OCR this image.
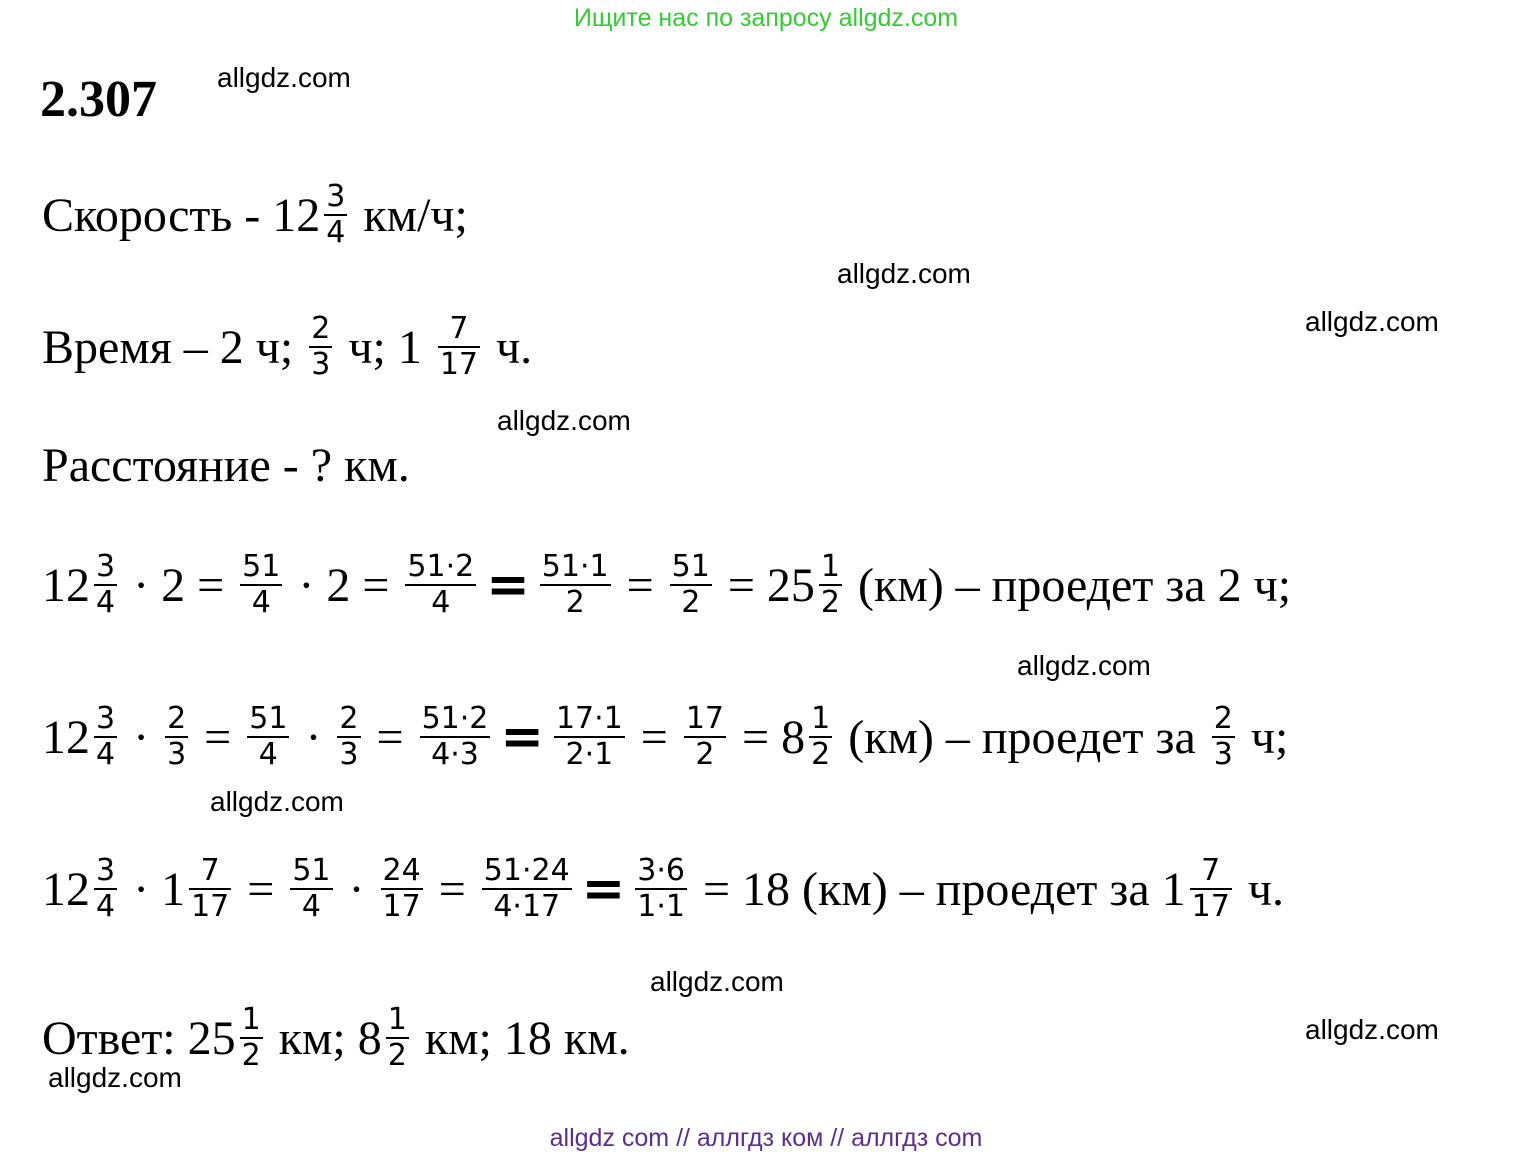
Ищите нас по запросу allgdz.com
2.307 allgdz.com
Скорость - $12 \frac{3}{4} км/ч$;
allgdz.com
Время – 2 ч; $\frac{2}{3} ч$; $1 \frac{7}{17} ч$.	allgdz.com
allgdz.com
Расстояние - ? км.
$12 \frac{3}{4} \cdot 2 = \frac{51}{4} \cdot 2 = \frac{51\cdot 2}{4} = \frac{51\cdot 1}{2} = \frac{51}{2} = 25 \frac{1}{2} (км)$ – проедет за 2 ч;
allgdz.com
$12 \frac{3}{4} \cdot \frac{2}{3} = \frac{51}{4} \cdot \frac{2}{3} = \frac{51\cdot 2}{4\cdot 3} = \frac{17\cdot 1}{2\cdot 1} = \frac{17}{2} = 8 \frac{1}{2} (км)$ – проедет за $\frac{2}{3} ч$;
allgdz.com
$12 \frac{3}{4} \cdot 1 \frac{7}{17} = \frac{51}{4} \cdot \frac{24}{17} = \frac{51\cdot 24}{4\cdot 17} = \frac{3\cdot 6}{1\cdot 1} = 18$ (км) – проедет за $1 \frac{7}{17} ч$.
allgdz.com
Ответ: $25 \frac{1}{2}$ км; $8 \frac{1}{2}$ км; 18 км.	allgdz.com
allgdz.com
allgdz com // аллгдз ком // аллгдз com
